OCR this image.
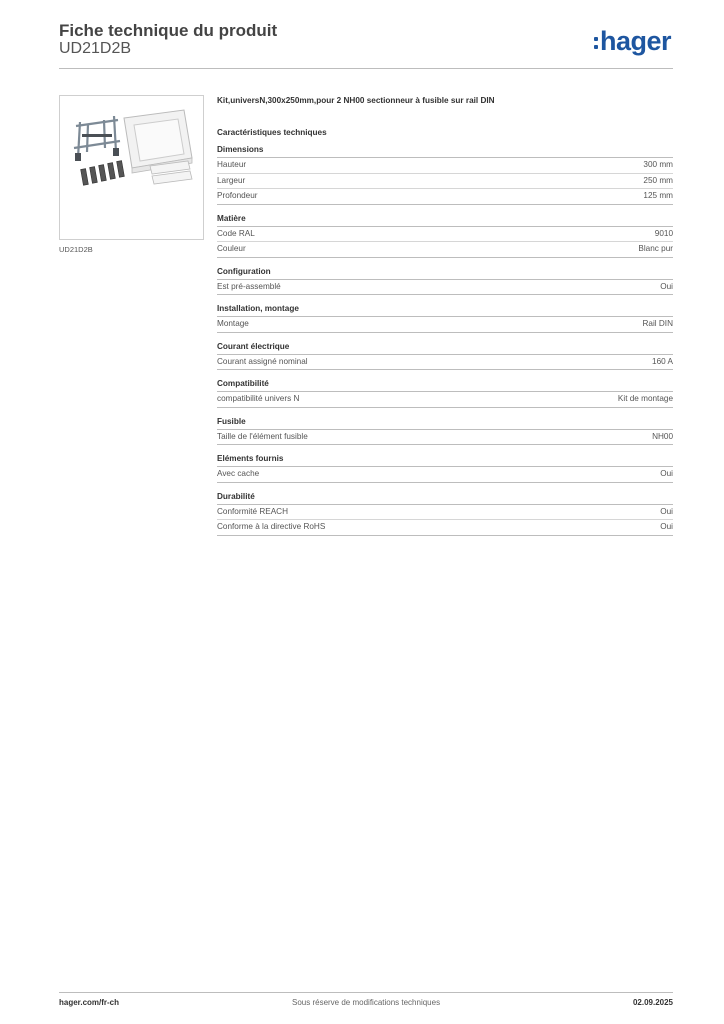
Fiche technique du produit
UD21D2B	hager
UD21D2B
Kit,universN,300x250mm,pour 2 NH00 sectionneur à fusible sur rail DIN
Caractéristiques techniques
Dimensions
Hauteur	300 mm
Largeur	250 mm
Profondeur	125 mm
Matière
Code RAL	9010
Couleur	Blanc pur
Configuration
Est pré-assemblé	Oui
Installation, montage
Montage	Rail DIN
Courant électrique
Courant assigné nominal	160 A
Compatibilité
compatibilité univers N	Kit de montage
Fusible
Taille de l'élément fusible	NH00
Eléments fournis
Avec cache	Oui
Durabilité
Conformité REACH	Oui
Conforme à la directive RoHS	Oui
hager.com/fr-ch	Sous réserve de modifications techniques	02.09.2025
